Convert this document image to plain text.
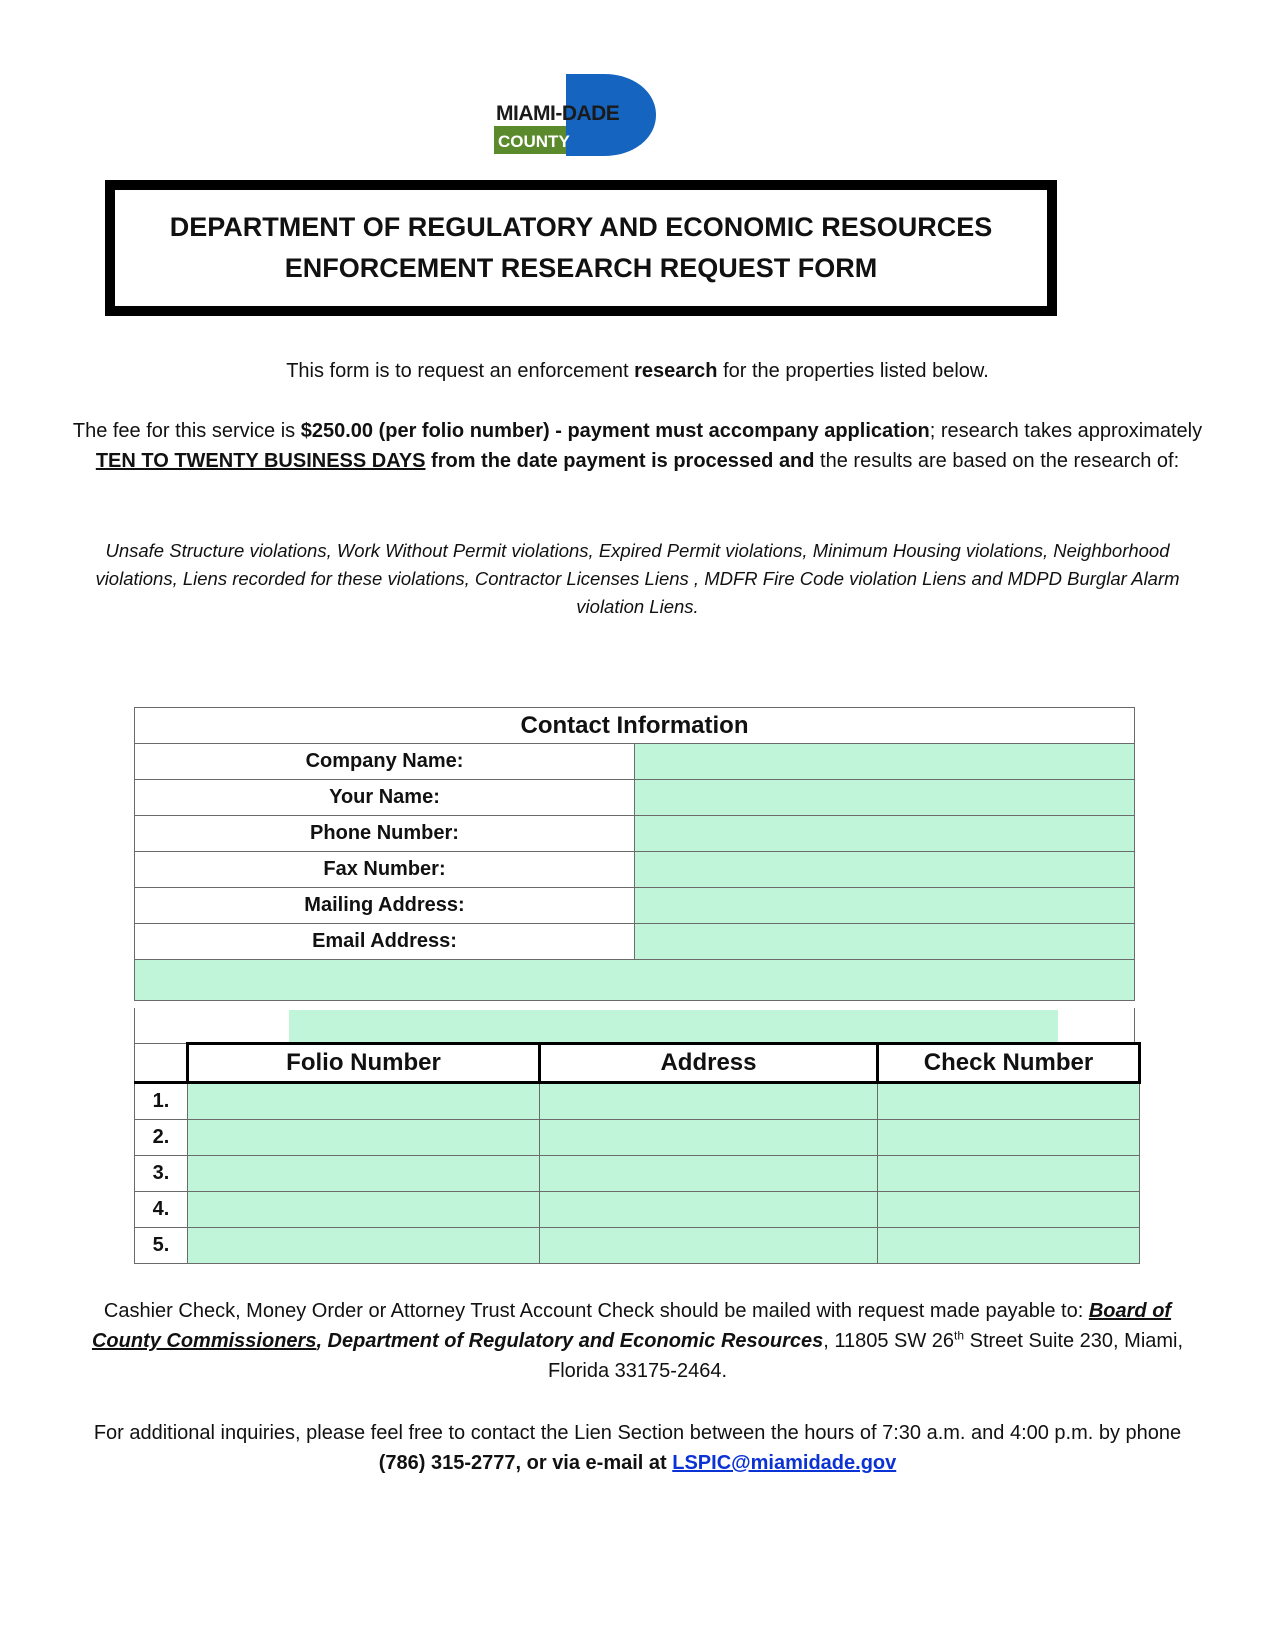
MIAMI-DADE
COUNTY
DEPARTMENT OF REGULATORY AND ECONOMIC RESOURCES
ENFORCEMENT RESEARCH REQUEST FORM
This form is to request an enforcement research for the properties listed below.
The fee for this service is $250.00 (per folio number) - payment must accompany application; research takes approximately TEN TO TWENTY BUSINESS DAYS from the date payment is processed and the results are based on the research of:
Unsafe Structure violations, Work Without Permit violations, Expired Permit violations, Minimum Housing violations, Neighborhood violations, Liens recorded for these violations, Contractor Licenses Liens , MDFR Fire Code violation Liens and MDPD Burglar Alarm violation Liens.
Contact Information	
Company Name:	
Your Name:	
Phone Number:	
Fax Number:	
Mailing Address:	
Email Address:	

	Folio Number	Address	Check Number
1.			
2.			
3.			
4.			
5.			
Cashier Check, Money Order or Attorney Trust Account Check should be mailed with request made payable to: Board of County Commissioners, Department of Regulatory and Economic Resources, 11805 SW 26th Street Suite 230, Miami, Florida 33175-2464.
For additional inquiries, please feel free to contact the Lien Section between the hours of 7:30 a.m. and 4:00 p.m. by phone (786) 315-2777, or via e-mail at LSPIC@miamidade.gov
